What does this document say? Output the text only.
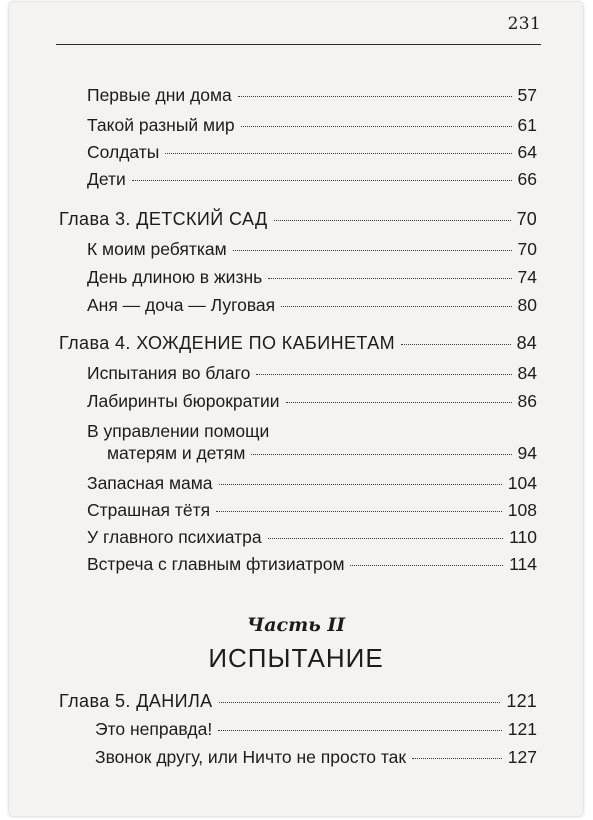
231
Первые дни дома	57
Такой разный мир	61
Солдаты	64
Дети	66
Глава 3. ДЕТСКИЙ САД	70
К моим ребяткам	70
День длиною в жизнь	74
Аня — доча — Луговая	80
Глава 4. ХОЖДЕНИЕ ПО КАБИНЕТАМ	84
Испытания во благо	84
Лабиринты бюрократии	86
В управлении помощи
матерям и детям	94
Запасная мама	104
Страшная тётя	108
У главного психиатра	110
Встреча с главным фтизиатром	114
Часть II
ИСПЫТАНИЕ
Глава 5. ДАНИЛА	121
Это неправда!	121
Звонок другу, или Ничто не просто так	127
